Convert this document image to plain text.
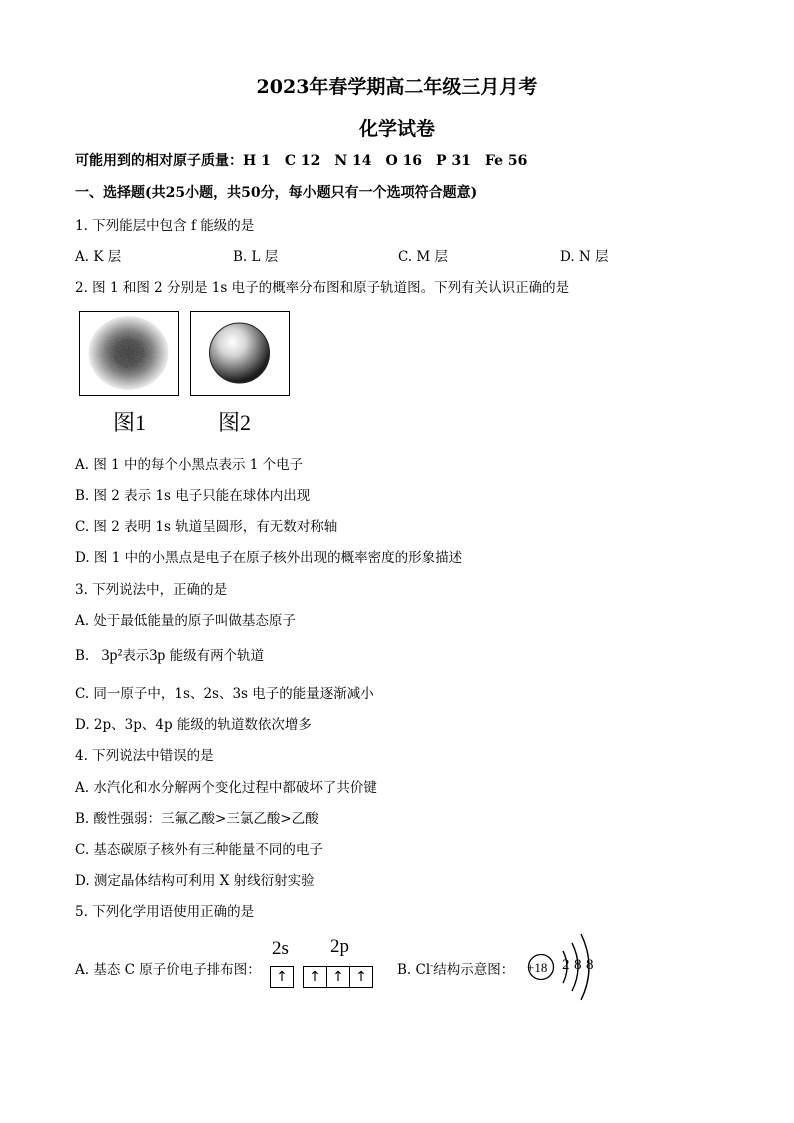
2023年春学期高二年级三月月考
化学试卷
可能用到的相对原子质量：H 1　C 12　N 14　O 16　P 31　Fe 56
一、选择题(共25小题，共50分，每小题只有一个选项符合题意)
1. 下列能层中包含 f 能级的是
A. K 层	B. L 层	C. M 层	D. N 层
2. 图 1 和图 2 分别是 1s 电子的概率分布图和原子轨道图。下列有关认识正确的是
图1	图2
A. 图 1 中的每个小黑点表示 1 个电子
B. 图 2 表示 1s 电子只能在球体内出现
C. 图 2 表明 1s 轨道呈圆形，有无数对称轴
D. 图 1 中的小黑点是电子在原子核外出现的概率密度的形象描述
3. 下列说法中，正确的是
A. 处于最低能量的原子叫做基态原子
B. 3p²表示3p 能级有两个轨道
C. 同一原子中，1s、2s、3s 电子的能量逐渐减小
D. 2p、3p、4p 能级的轨道数依次增多
4. 下列说法中错误的是
A. 水汽化和水分解两个变化过程中都破坏了共价键
B. 酸性强弱：三氟乙酸>三氯乙酸>乙酸
C. 基态碳原子核外有三种能量不同的电子
D. 测定晶体结构可利用 X 射线衍射实验
5. 下列化学用语使用正确的是
A. 基态 C 原子价电子排布图：
2s 2p
↑	↑ ↑ ↑	B. Cl-结构示意图： +18 2 8 8
